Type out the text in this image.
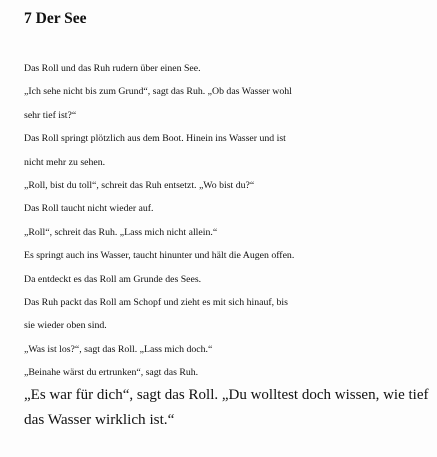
7 Der See
Das Roll und das Ruh rudern über einen See.
„Ich sehe nicht bis zum Grund“, sagt das Ruh. „Ob das Wasser wohl
sehr tief ist?“
Das Roll springt plötzlich aus dem Boot. Hinein ins Wasser und ist
nicht mehr zu sehen.
„Roll, bist du toll“, schreit das Ruh entsetzt. „Wo bist du?“
Das Roll taucht nicht wieder auf.
„Roll“, schreit das Ruh. „Lass mich nicht allein.“
Es springt auch ins Wasser, taucht hinunter und hält die Augen offen.
Da entdeckt es das Roll am Grunde des Sees.
Das Ruh packt das Roll am Schopf und zieht es mit sich hinauf, bis
sie wieder oben sind.
„Was ist los?“, sagt das Roll. „Lass mich doch.“
„Beinahe wärst du ertrunken“, sagt das Ruh.
„Es war für dich“, sagt das Roll. „Du wolltest doch wissen, wie tief
das Wasser wirklich ist.“
